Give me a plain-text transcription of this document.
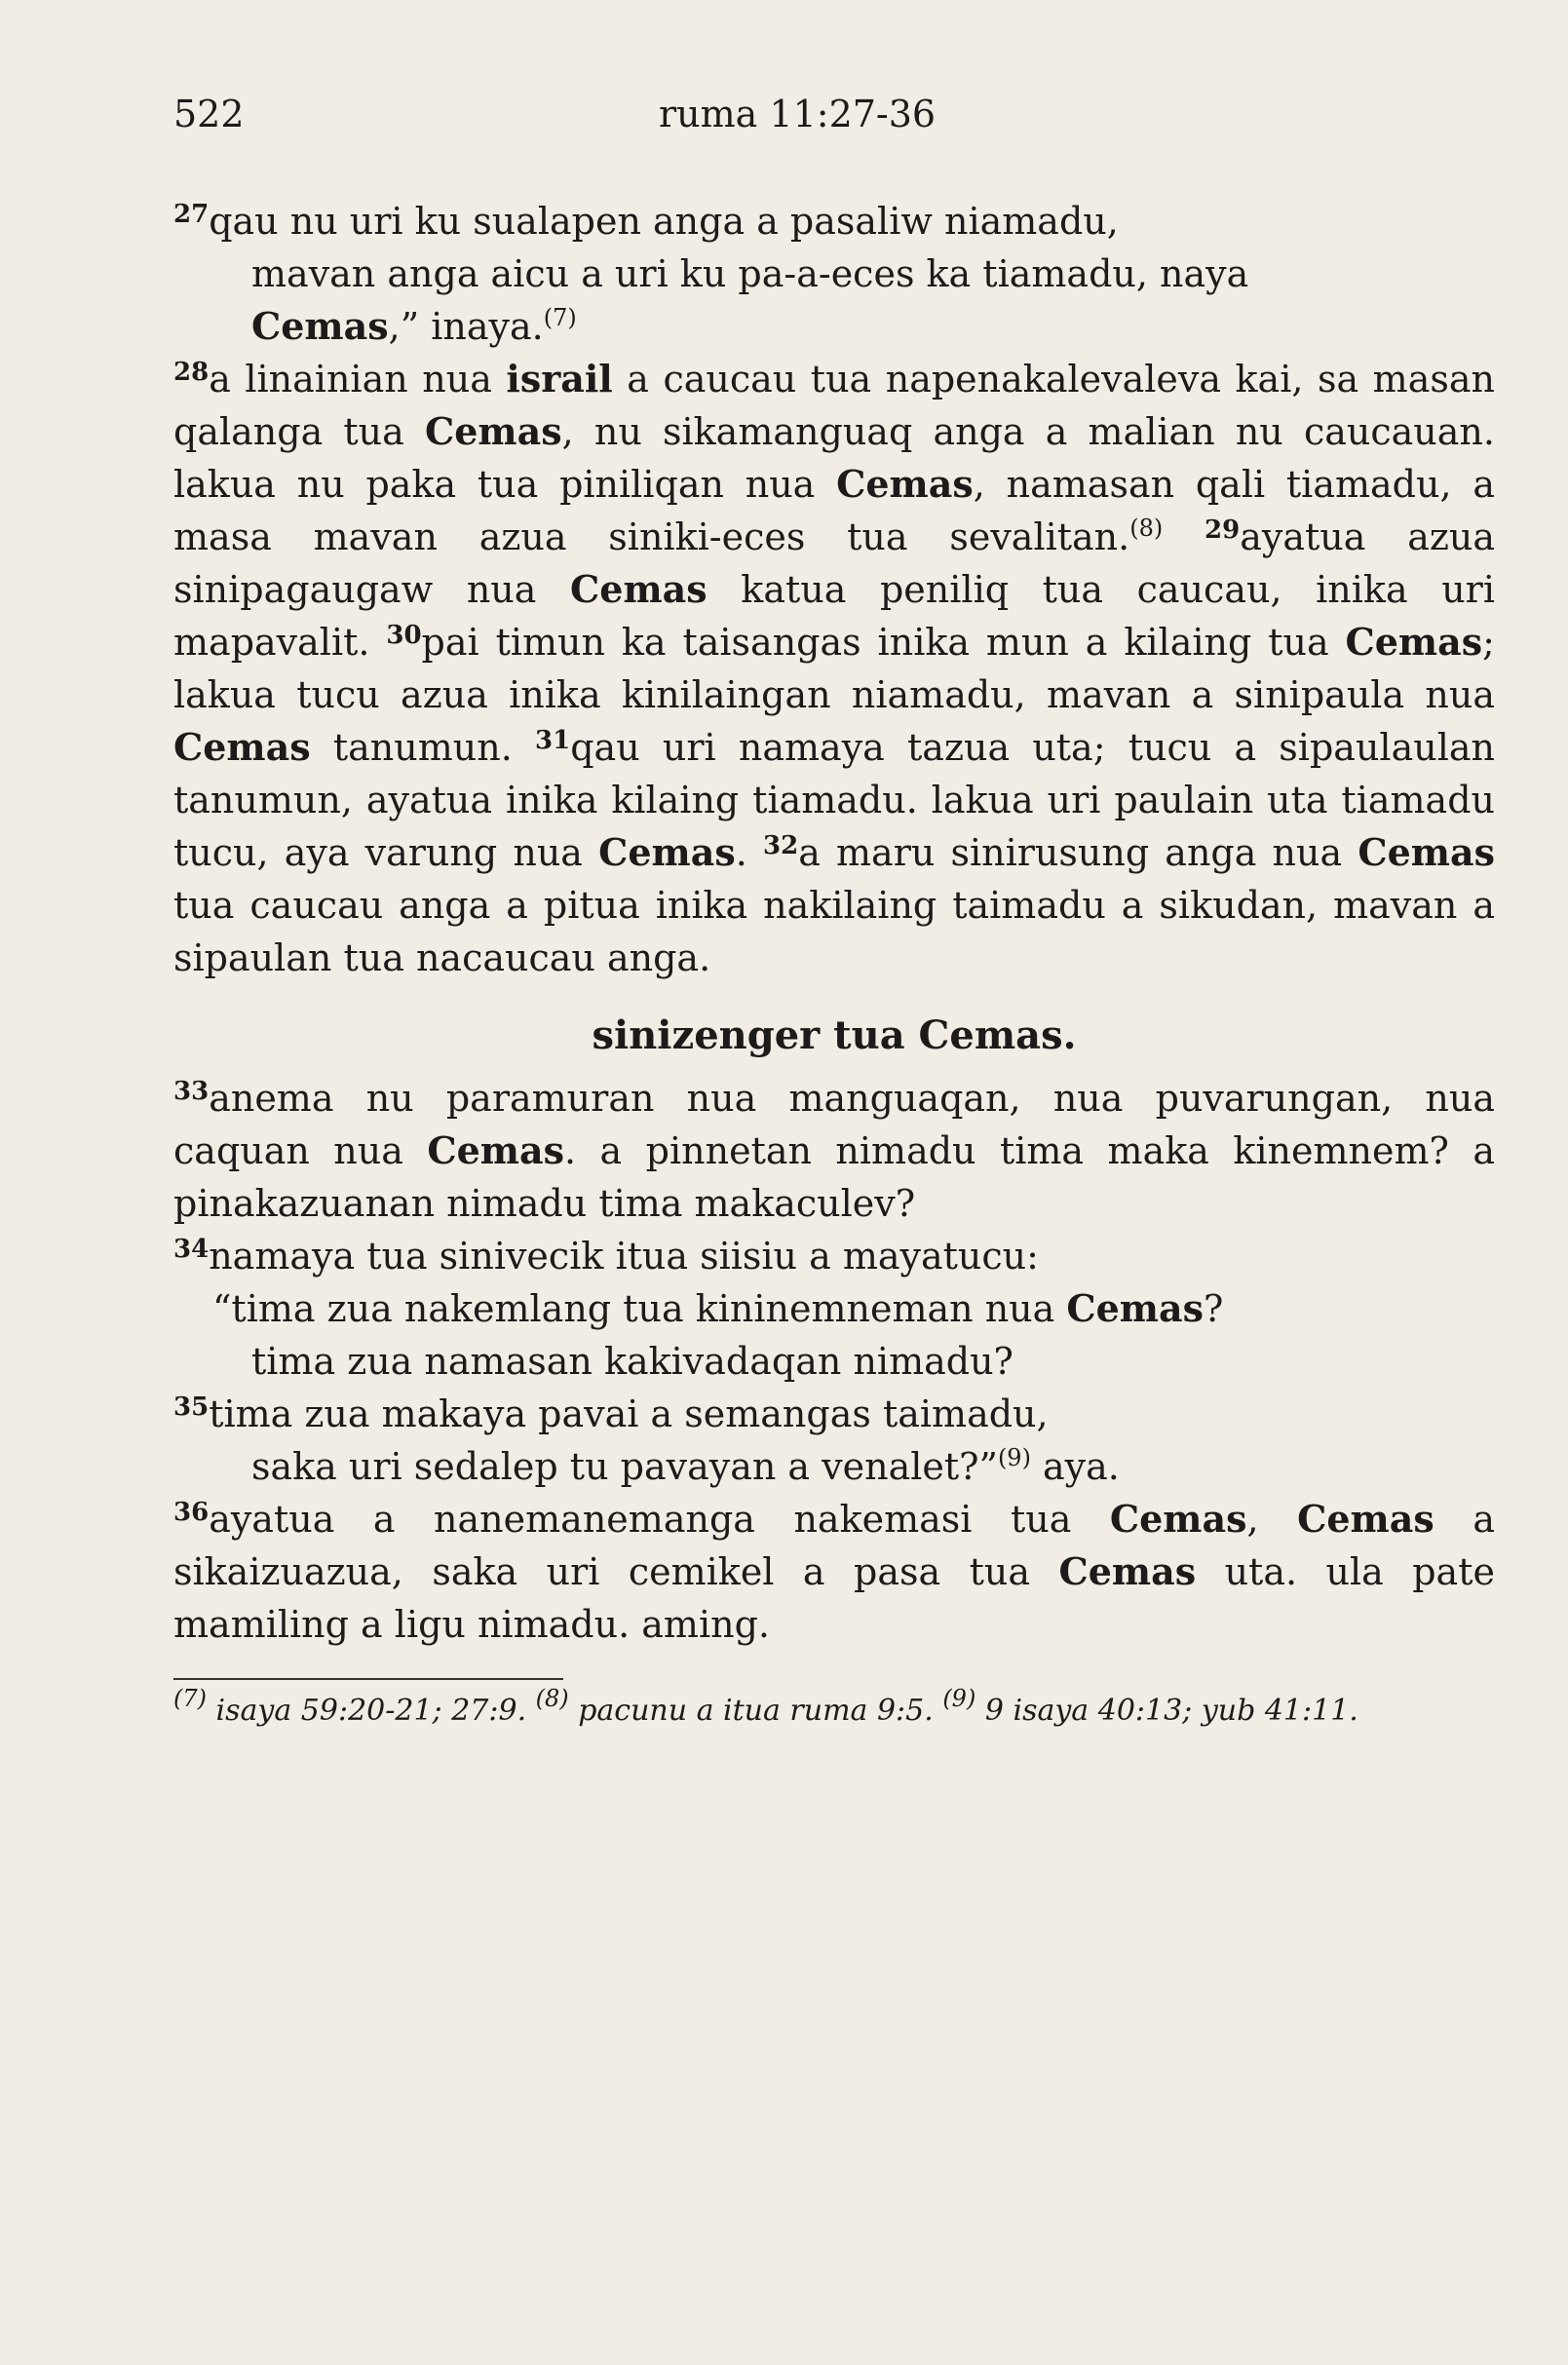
522	ruma 11:27-36

$^{27}$qau nu uri ku sualapen anga a pasaliw niamadu,
mavan anga aicu a uri ku pa-a-eces ka tiamadu, naya
Cemas,” inaya.$^{(7)}$

$^{28}$a linainian nua israil a caucau tua napenakalevaleva kai, sa masan qalanga tua Cemas, nu sikamanguaq anga a malian nu caucauan. lakua nu paka tua piniliqan nua Cemas, namasan qali tiamadu, a masa mavan azua siniki-eces tua sevalitan.$^{(8)}$ $^{29}$ayatua azua sinipagaugaw nua Cemas katua peniliq tua caucau, inika uri mapavalit. $^{30}$pai timun ka taisangas inika mun a kilaing tua Cemas; lakua tucu azua inika kinilaingan niamadu, mavan a sinipaula nua Cemas tanumun. $^{31}$qau uri namaya tazua uta; tucu a sipaulaulan tanumun, ayatua inika kilaing tiamadu. lakua uri paulain uta tiamadu tucu, aya varung nua Cemas. $^{32}$a maru sinirusung anga nua Cemas tua caucau anga a pitua inika nakilaing taimadu a sikudan, mavan a sipaulan tua nacaucau anga.

sinizenger tua Cemas.

$^{33}$anema nu paramuran nua manguaqan, nua puvarungan, nua caquan nua Cemas. a pinnetan nimadu tima maka kinemnem? a pinakazuanan nimadu tima makaculev?

$^{34}$namaya tua sinivecik itua siisiu a mayatucu:

“tima zua nakemlang tua kininemneman nua Cemas?
tima zua namasan kakivadaqan nimadu?

$^{35}$tima zua makaya pavai a semangas taimadu,
saka uri sedalep tu pavayan a venalet?”$^{(9)}$ aya.

$^{36}$ayatua a nanemanemanga nakemasi tua Cemas, Cemas a sikaizuazua, saka uri cemikel a pasa tua Cemas uta. ula pate mamiling a ligu nimadu. aming.

$^{(7)}$ isaya 59:20-21; 27:9. $^{(8)}$ pacunu a itua ruma 9:5. $^{(9)}$ 9 isaya 40:13; yub 41:11.
